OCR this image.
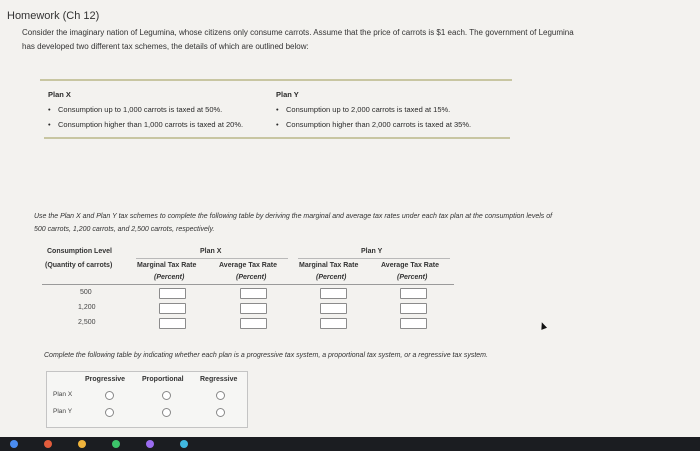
Homework (Ch 12)
Consider the imaginary nation of Legumina, whose citizens only consume carrots. Assume that the price of carrots is $1 each. The government of Legumina has developed two different tax schemes, the details of which are outlined below:
Plan X
• Consumption up to 1,000 carrots is taxed at 50%.
• Consumption higher than 1,000 carrots is taxed at 20%.
Plan Y
• Consumption up to 2,000 carrots is taxed at 15%.
• Consumption higher than 2,000 carrots is taxed at 35%.
Use the Plan X and Plan Y tax schemes to complete the following table by deriving the marginal and average tax rates under each tax plan at the consumption levels of 500 carrots, 1,200 carrots, and 2,500 carrots, respectively.
Consumption Level
(Quantity of carrots)
Plan X	Plan Y
Marginal Tax Rate	Average Tax Rate	Marginal Tax Rate	Average Tax Rate
(Percent)	(Percent)	(Percent)	(Percent)
500
1,200
2,500
Complete the following table by indicating whether each plan is a progressive tax system, a proportional tax system, or a regressive tax system.
Progressive Proportional Regressive
Plan X
Plan Y
